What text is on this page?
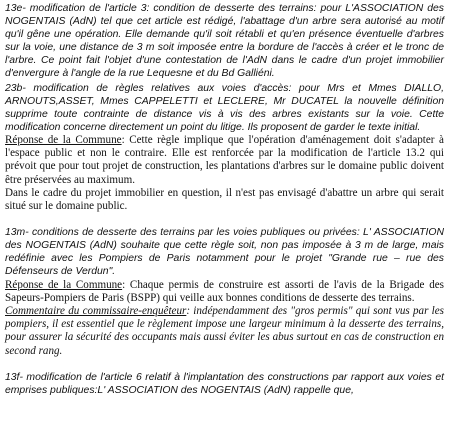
13e- modification de l'article 3: condition de desserte des terrains: pour L'ASSOCIATION des NOGENTAIS (AdN) tel que cet article est rédigé, l'abattage d'un arbre sera autorisé au motif qu'il gêne une opération. Elle demande qu'il soit rétabli et qu'en présence éventuelle d'arbres sur la voie, une distance de 3 m soit imposée entre la bordure de l'accès à créer et le tronc de l'arbre. Ce point fait l'objet d'une contestation de l'AdN dans le cadre d'un projet immobilier d'envergure à l'angle de la rue Lequesne et du Bd Galliéni.

23b- modification de règles relatives aux voies d'accès: pour Mrs et Mmes DIALLO, ARNOUTS,ASSET, Mmes CAPPELETTI et LECLERE, Mr DUCATEL la nouvelle définition supprime toute contrainte de distance vis à vis des arbres existants sur la voie. Cette modification concerne directement un point du litige. Ils proposent de garder le texte initial.

Réponse de la Commune: Cette règle implique que l'opération d'aménagement doit s'adapter à l'espace public et non le contraire. Elle est renforcée par la modification de l'article 13.2 qui prévoit que pour tout projet de construction, les plantations d'arbres sur le domaine public doivent être préservées au maximum.

Dans le cadre du projet immobilier en question, il n'est pas envisagé d'abattre un arbre qui serait situé sur le domaine public.

13m- conditions de desserte des terrains par les voies publiques ou privées: L' ASSOCIATION des NOGENTAIS (AdN) souhaite que cette règle soit, non pas imposée à 3 m de large, mais redéfinie avec les Pompiers de Paris notamment pour le projet "Grande rue – rue des Défenseurs de Verdun".

Réponse de la Commune: Chaque permis de construire est assorti de l'avis de la Brigade des Sapeurs-Pompiers de Paris (BSPP) qui veille aux bonnes conditions de desserte des terrains.

Commentaire du commissaire-enquêteur: indépendamment des "gros permis" qui sont vus par les pompiers, il est essentiel que le règlement impose une largeur minimum à la desserte des terrains, pour assurer la sécurité des occupants mais aussi éviter les abus surtout en cas de construction en second rang.

13f- modification de l'article 6 relatif à l'implantation des constructions par rapport aux voies et emprises publiques:L' ASSOCIATION des NOGENTAIS (AdN) rappelle que,
